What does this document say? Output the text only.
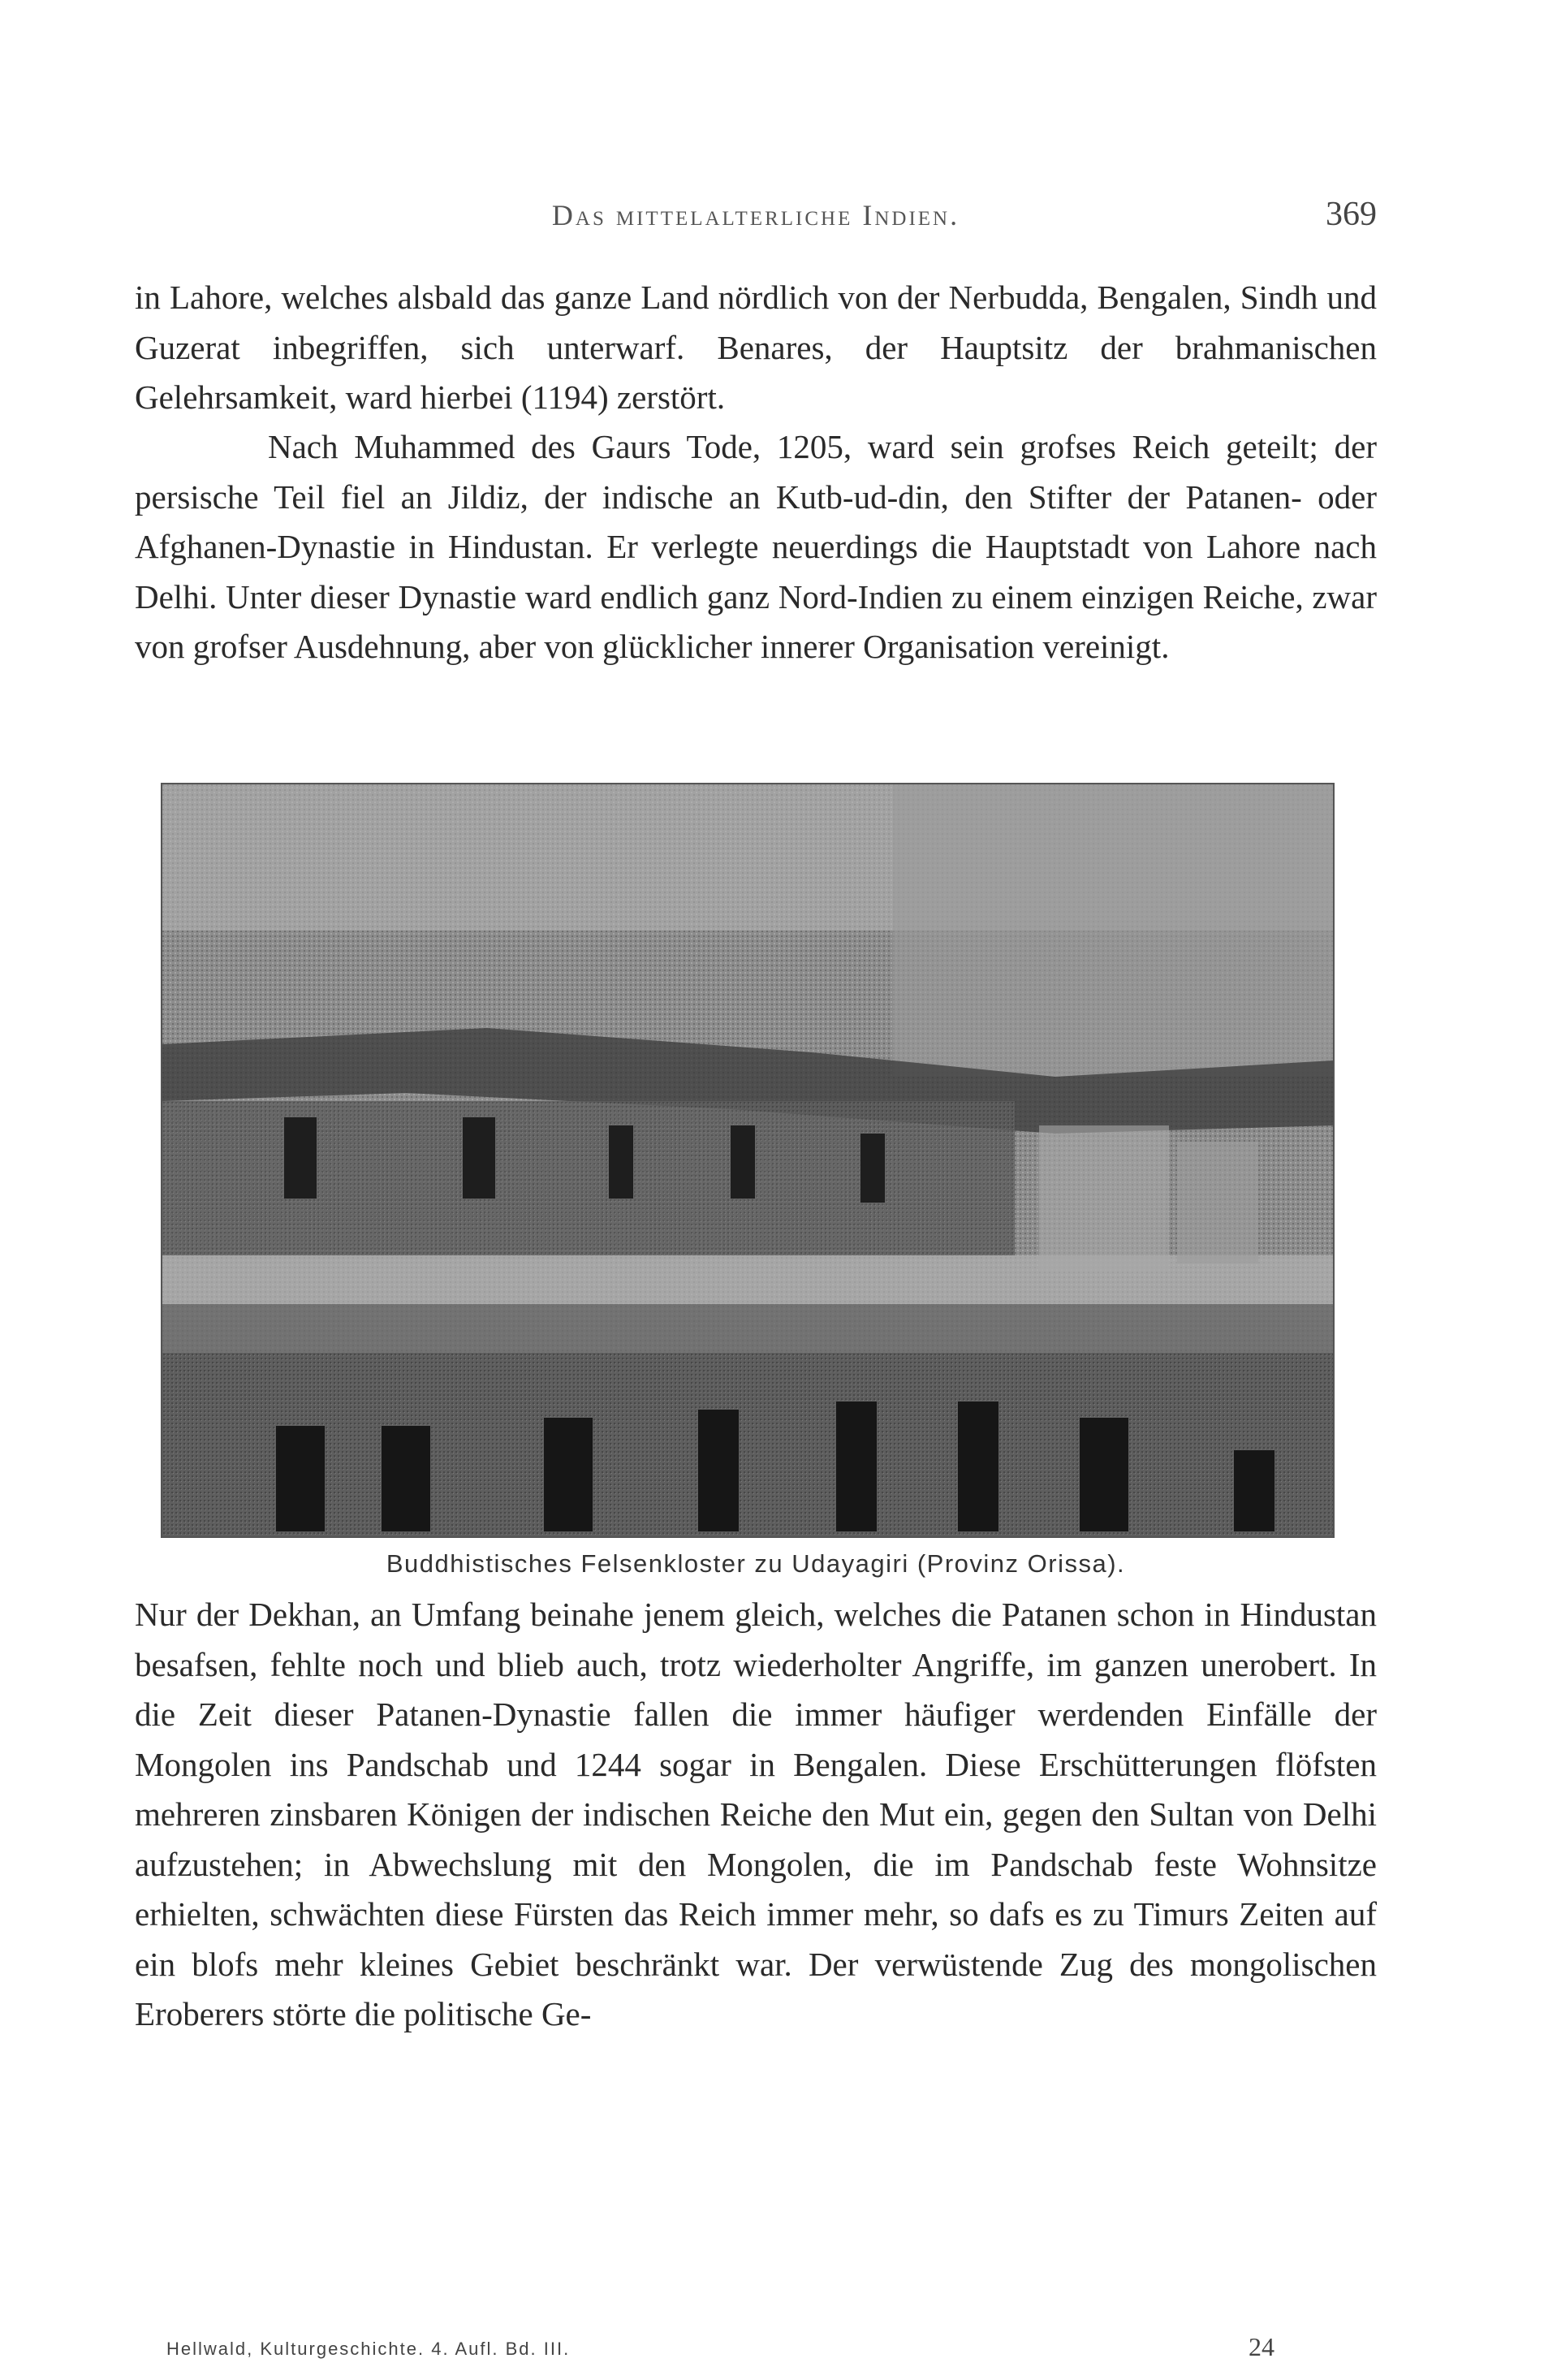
Das mittelalterliche Indien.	369

in Lahore, welches alsbald das ganze Land nördlich von der Nerbudda, Bengalen, Sindh und Guzerat inbegriffen, sich unterwarf. Benares, der Hauptsitz der brahmanischen Gelehrsamkeit, ward hierbei (1194) zerstört.

Nach Muhammed des Gaurs Tode, 1205, ward sein grofses Reich geteilt; der persische Teil fiel an Jildiz, der indische an Kutb-ud-din, den Stifter der Patanen- oder Afghanen-Dynastie in Hindustan. Er verlegte neuerdings die Hauptstadt von Lahore nach Delhi. Unter dieser Dynastie ward endlich ganz Nord-Indien zu einem einzigen Reiche, zwar von grofser Ausdehnung, aber von glücklicher innerer Organisation vereinigt.

Buddhistisches Felsenkloster zu Udayagiri (Provinz Orissa).

Nur der Dekhan, an Umfang beinahe jenem gleich, welches die Patanen schon in Hindustan besafsen, fehlte noch und blieb auch, trotz wiederholter Angriffe, im ganzen unerobert. In die Zeit dieser Patanen-Dynastie fallen die immer häufiger werdenden Einfälle der Mongolen ins Pandschab und 1244 sogar in Bengalen. Diese Erschütterungen flöfsten mehreren zinsbaren Königen der indischen Reiche den Mut ein, gegen den Sultan von Delhi aufzustehen; in Abwechslung mit den Mongolen, die im Pandschab feste Wohnsitze erhielten, schwächten diese Fürsten das Reich immer mehr, so dafs es zu Timurs Zeiten auf ein blofs mehr kleines Gebiet beschränkt war. Der verwüstende Zug des mongolischen Eroberers störte die politische Ge-

Hellwald, Kulturgeschichte. 4. Aufl. Bd. III.	24
